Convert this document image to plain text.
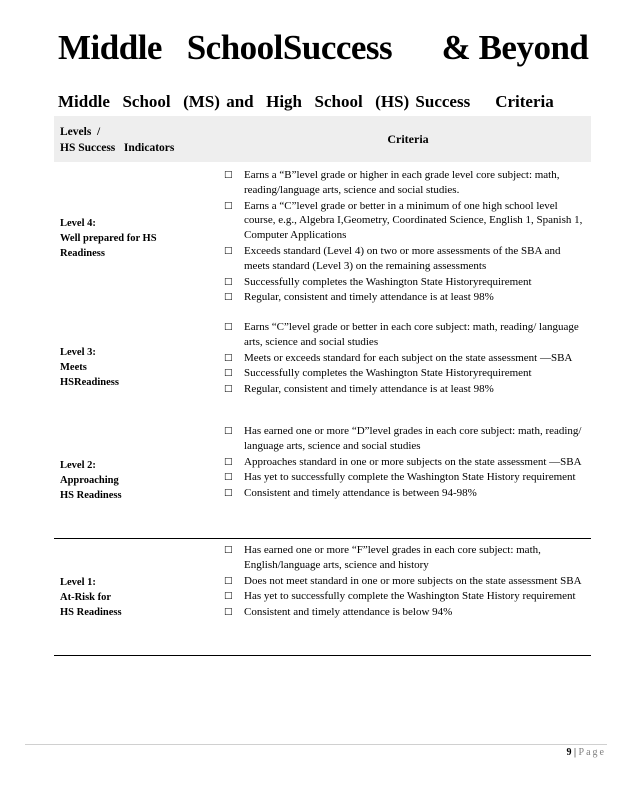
Middle   SchoolSuccess      & Beyond
Middle  School  (MS) and  High  School  (HS) Success    Criteria
Levels  /
HS Success   Indicators
Criteria
Level 4:
Well prepared for HS
Readiness
□	Earns a “B”level grade or higher in each grade level core subject: math, reading/language arts, science and social studies.
□	Earns a “C”level grade or better in a minimum of one high school level course, e.g., Algebra I,Geometry, Coordinated Science, English 1, Spanish 1, Computer Applications
□	Exceeds standard (Level 4) on two or more assessments of the SBA and meets standard (Level 3) on the remaining assessments
□	Successfully completes the Washington State Historyrequirement
□	Regular, consistent and timely attendance is at least 98%
Level 3:
Meets
HSReadiness
□	Earns “C”level grade or better in each core subject: math, reading/ language arts, science and social studies
□	Meets or exceeds standard for each subject on the state assessment —SBA
□	Successfully completes the Washington State Historyrequirement
□	Regular, consistent and timely attendance is at least 98%
Level 2:
Approaching
HS Readiness
□	Has earned one or more “D”level grades in each core subject: math, reading/ language arts, science and social studies
□	Approaches standard in one or more subjects on the state assessment —SBA
□	Has yet to successfully complete the Washington State History requirement
□	Consistent and timely attendance is between 94-98%
Level 1:
At-Risk for
HS Readiness
□	Has earned one or more “F”level grades in each core subject: math, English/language arts, science and history
□	Does not meet standard in one or more subjects on the state assessment SBA
□	Has yet to successfully complete the Washington State History requirement
□	Consistent and timely attendance is below 94%
9 | Page
